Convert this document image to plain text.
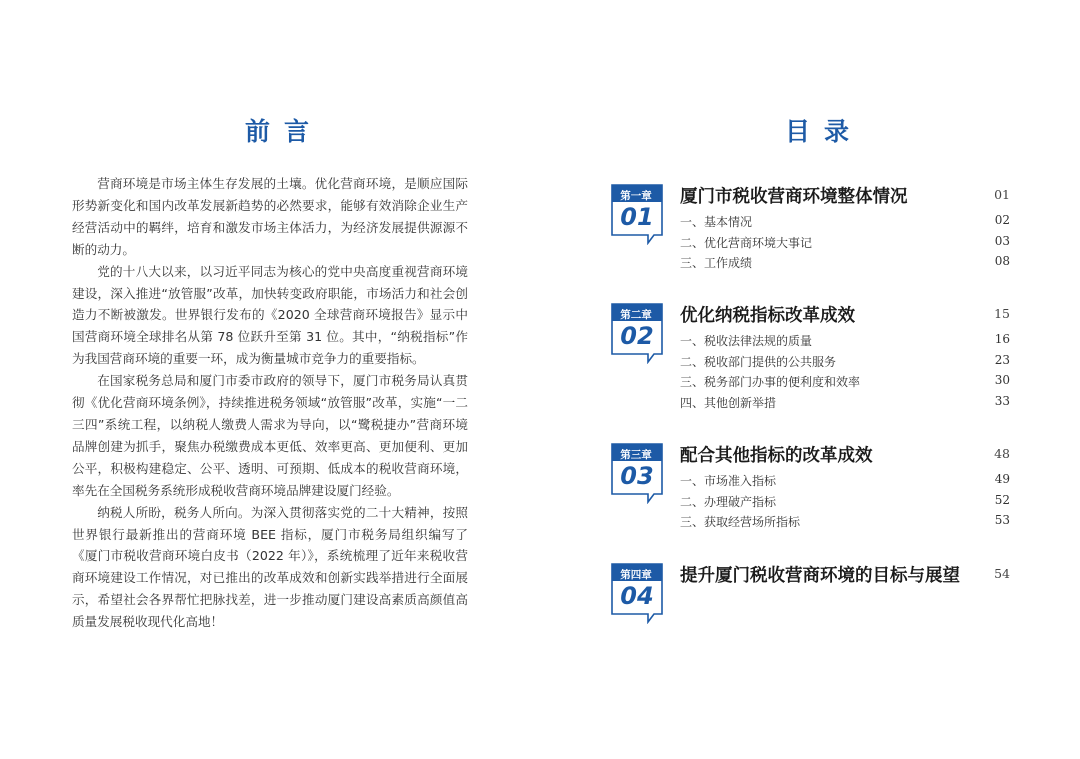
前言

营商环境是市场主体生存发展的土壤。优化营商环境，是顺应国际形势新变化和国内改革发展新趋势的必然要求，能够有效消除企业生产经营活动中的羁绊，培育和激发市场主体活力，为经济发展提供源源不断的动力。

党的十八大以来，以习近平同志为核心的党中央高度重视营商环境建设，深入推进“放管服”改革，加快转变政府职能，市场活力和社会创造力不断被激发。世界银行发布的《2020 全球营商环境报告》显示中国营商环境全球排名从第 78 位跃升至第 31 位。其中，“纳税指标”作为我国营商环境的重要一环，成为衡量城市竞争力的重要指标。

在国家税务总局和厦门市委市政府的领导下，厦门市税务局认真贯彻《优化营商环境条例》，持续推进税务领域“放管服”改革，实施“一二三四”系统工程，以纳税人缴费人需求为导向，以“鹭税捷办”营商环境品牌创建为抓手，聚焦办税缴费成本更低、效率更高、更加便利、更加公平，积极构建稳定、公平、透明、可预期、低成本的税收营商环境，率先在全国税务系统形成税收营商环境品牌建设厦门经验。

纳税人所盼，税务人所向。为深入贯彻落实党的二十大精神，按照世界银行最新推出的营商环境 BEE 指标，厦门市税务局组织编写了《厦门市税收营商环境白皮书（2022 年）》，系统梳理了近年来税收营商环境建设工作情况，对已推出的改革成效和创新实践举措进行全面展示，希望社会各界帮忙把脉找差，进一步推动厦门建设高素质高颜值高质量发展税收现代化高地！

目录
第一章
01
厦门市税收营商环境整体情况	01
一、基本情况	02
二、优化营商环境大事记	03
三、工作成绩	08
第二章
02
优化纳税指标改革成效	15
一、税收法律法规的质量	16
二、税收部门提供的公共服务	23
三、税务部门办事的便利度和效率	30
四、其他创新举措	33
第三章
03
配合其他指标的改革成效	48
一、市场准入指标	49
二、办理破产指标	52
三、获取经营场所指标	53
第四章
04
提升厦门税收营商环境的目标与展望	54
